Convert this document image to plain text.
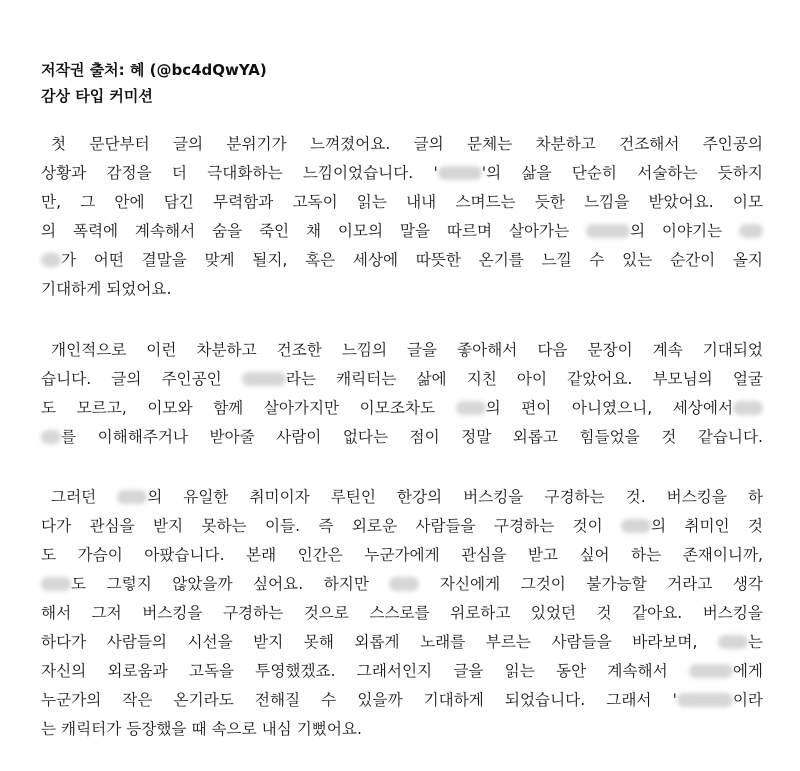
저작권 출처: 혜 (@bc4dQwYA)
감상 타입 커미션
첫 문단부터 글의 분위기가 느껴졌어요. 글의 문체는 차분하고 건조해서 주인공의
상황과 감정을 더 극대화하는 느낌이었습니다. '	'의 삶을 단순히 서술하는 듯하지
만, 그 안에 담긴 무력함과 고독이 읽는 내내 스며드는 듯한 느낌을 받았어요. 이모
의 폭력에 계속해서 숨을 죽인 채 이모의 말을 따르며 살아가는	의 이야기는
가 어떤 결말을 맞게 될지, 혹은 세상에 따뜻한 온기를 느낄 수 있는 순간이 올지
기대하게 되었어요.
개인적으로 이런 차분하고 건조한 느낌의 글을 좋아해서 다음 문장이 계속 기대되었
습니다. 글의 주인공인	라는 캐릭터는 삶에 지친 아이 같았어요. 부모님의 얼굴
도 모르고, 이모와 함께 살아가지만 이모조차도 의 편이 아니였으니, 세상에서
를 이해해주거나 받아줄 사람이 없다는 점이 정말 외롭고 힘들었을 것 같습니다.
그러던 의 유일한 취미이자 루틴인 한강의 버스킹을 구경하는 것. 버스킹을 하
다가 관심을 받지 못하는 이들. 즉 외로운 사람들을 구경하는 것이 의 취미인 것
도 가슴이 아팠습니다. 본래 인간은 누군가에게 관심을 받고 싶어 하는 존재이니까,
도 그렇지 않았을까 싶어요. 하지만  자신에게 그것이 불가능할 거라고 생각
해서 그저 버스킹을 구경하는 것으로 스스로를 위로하고 있었던 것 같아요. 버스킹을
하다가 사람들의 시선을 받지 못해 외롭게 노래를 부르는 사람들을 바라보며, 는
자신의 외로움과 고독을 투영했겠죠. 그래서인지 글을 읽는 동안 계속해서	에게
누군가의 작은 온기라도 전해질 수 있을까 기대하게 되었습니다. 그래서 '	이라
는 캐릭터가 등장했을 때 속으로 내심 기뻤어요.
